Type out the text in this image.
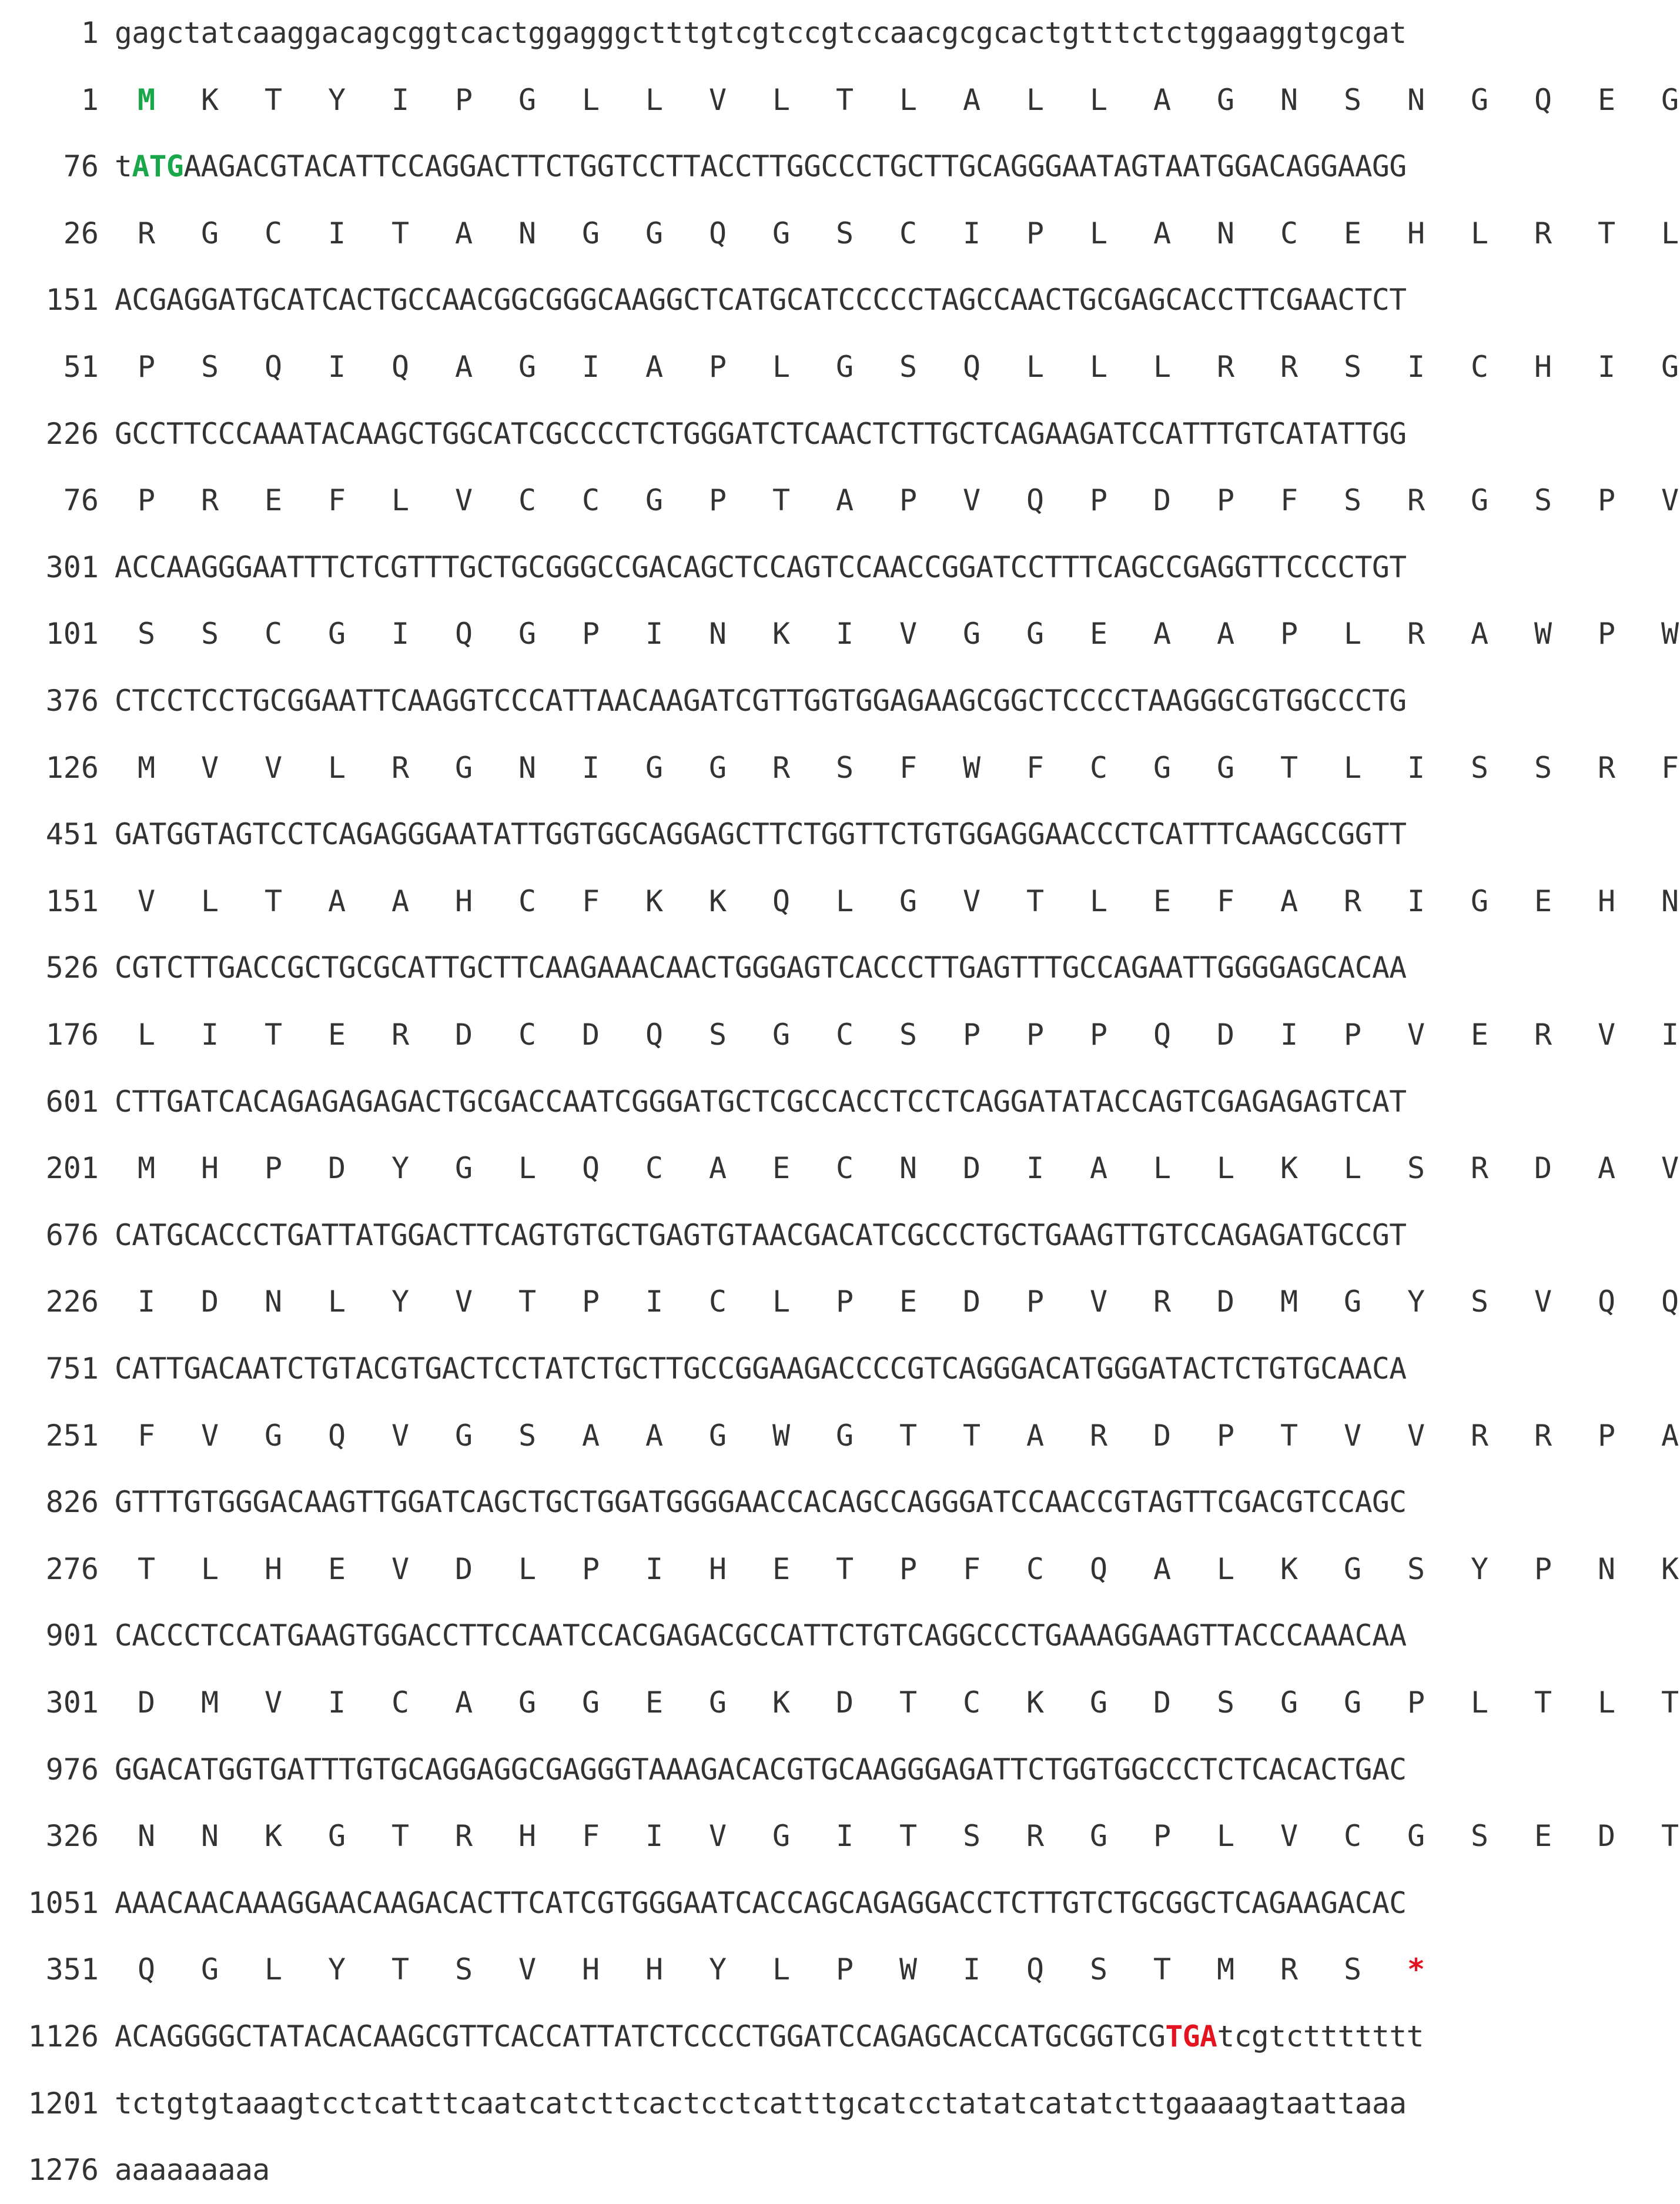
1 gagctatcaaggacagcggtcactggagggctttgtcgtccgtccaacgcgcactgtttctctggaaggtgcgat
1	M K T Y I P G L L V L T L A L L A G N S N G Q E G
76 tATGAAGACGTACATTCCAGGACTTCTGGTCCTTACCTTGGCCCTGCTTGCAGGGAATAGTAATGGACAGGAAGG
26	R G C I T A N G G Q G S C I P L A N C E H L R T L
151 ACGAGGATGCATCACTGCCAACGGCGGGCAAGGCTCATGCATCCCCCTAGCCAACTGCGAGCACCTTCGAACTCT
51	P S Q I Q A G I A P L G S Q L L L R R S I C H I G
226 GCCTTCCCAAATACAAGCTGGCATCGCCCCTCTGGGATCTCAACTCTTGCTCAGAAGATCCATTTGTCATATTGG
76	P R E F L V C C G P T A P V Q P D P F S R G S P V
301 ACCAAGGGAATTTCTCGTTTGCTGCGGGCCGACAGCTCCAGTCCAACCGGATCCTTTCAGCCGAGGTTCCCCTGT
101	S S C G I Q G P I N K I V G G E A A P L R A W P W
376 CTCCTCCTGCGGAATTCAAGGTCCCATTAACAAGATCGTTGGTGGAGAAGCGGCTCCCCTAAGGGCGTGGCCCTG
126	M V V L R G N I G G R S F W F C G G T L I S S R F
451 GATGGTAGTCCTCAGAGGGAATATTGGTGGCAGGAGCTTCTGGTTCTGTGGAGGAACCCTCATTTCAAGCCGGTT
151	V L T A A H C F K K Q L G V T L E F A R I G E H N
526 CGTCTTGACCGCTGCGCATTGCTTCAAGAAACAACTGGGAGTCACCCTTGAGTTTGCCAGAATTGGGGAGCACAA
176	L I T E R D C D Q S G C S P P P Q D I P V E R V I
601 CTTGATCACAGAGAGAGACTGCGACCAATCGGGATGCTCGCCACCTCCTCAGGATATACCAGTCGAGAGAGTCAT
201	M H P D Y G L Q C A E C N D I A L L K L S R D A V
676 CATGCACCCTGATTATGGACTTCAGTGTGCTGAGTGTAACGACATCGCCCTGCTGAAGTTGTCCAGAGATGCCGT
226	I D N L Y V T P I C L P E D P V R D M G Y S V Q Q
751 CATTGACAATCTGTACGTGACTCCTATCTGCTTGCCGGAAGACCCCGTCAGGGACATGGGATACTCTGTGCAACA
251	F V G Q V G S A A G W G T T A R D P T V V R R P A
826 GTTTGTGGGACAAGTTGGATCAGCTGCTGGATGGGGAACCACAGCCAGGGATCCAACCGTAGTTCGACGTCCAGC
276	T L H E V D L P I H E T P F C Q A L K G S Y P N K
901 CACCCTCCATGAAGTGGACCTTCCAATCCACGAGACGCCATTCTGTCAGGCCCTGAAAGGAAGTTACCCAAACAA
301	D M V I C A G G E G K D T C K G D S G G P L T L T
976 GGACATGGTGATTTGTGCAGGAGGCGAGGGTAAAGACACGTGCAAGGGAGATTCTGGTGGCCCTCTCACACTGAC
326	N N K G T R H F I V G I T S R G P L V C G S E D T
1051 AAACAACAAAGGAACAAGACACTTCATCGTGGGAATCACCAGCAGAGGACCTCTTGTCTGCGGCTCAGAAGACAC
351	Q G L Y T S V H H Y L P W I Q S T M R S *
1126 ACAGGGGCTATACACAAGCGTTCACCATTATCTCCCCTGGATCCAGAGCACCATGCGGTCGTGAtcgtcttttttt
1201 tctgtgtaaagtcctcatttcaatcatcttcactcctcatttgcatcctatatcatatcttgaaaagtaattaaa
1276 aaaaaaaaa
